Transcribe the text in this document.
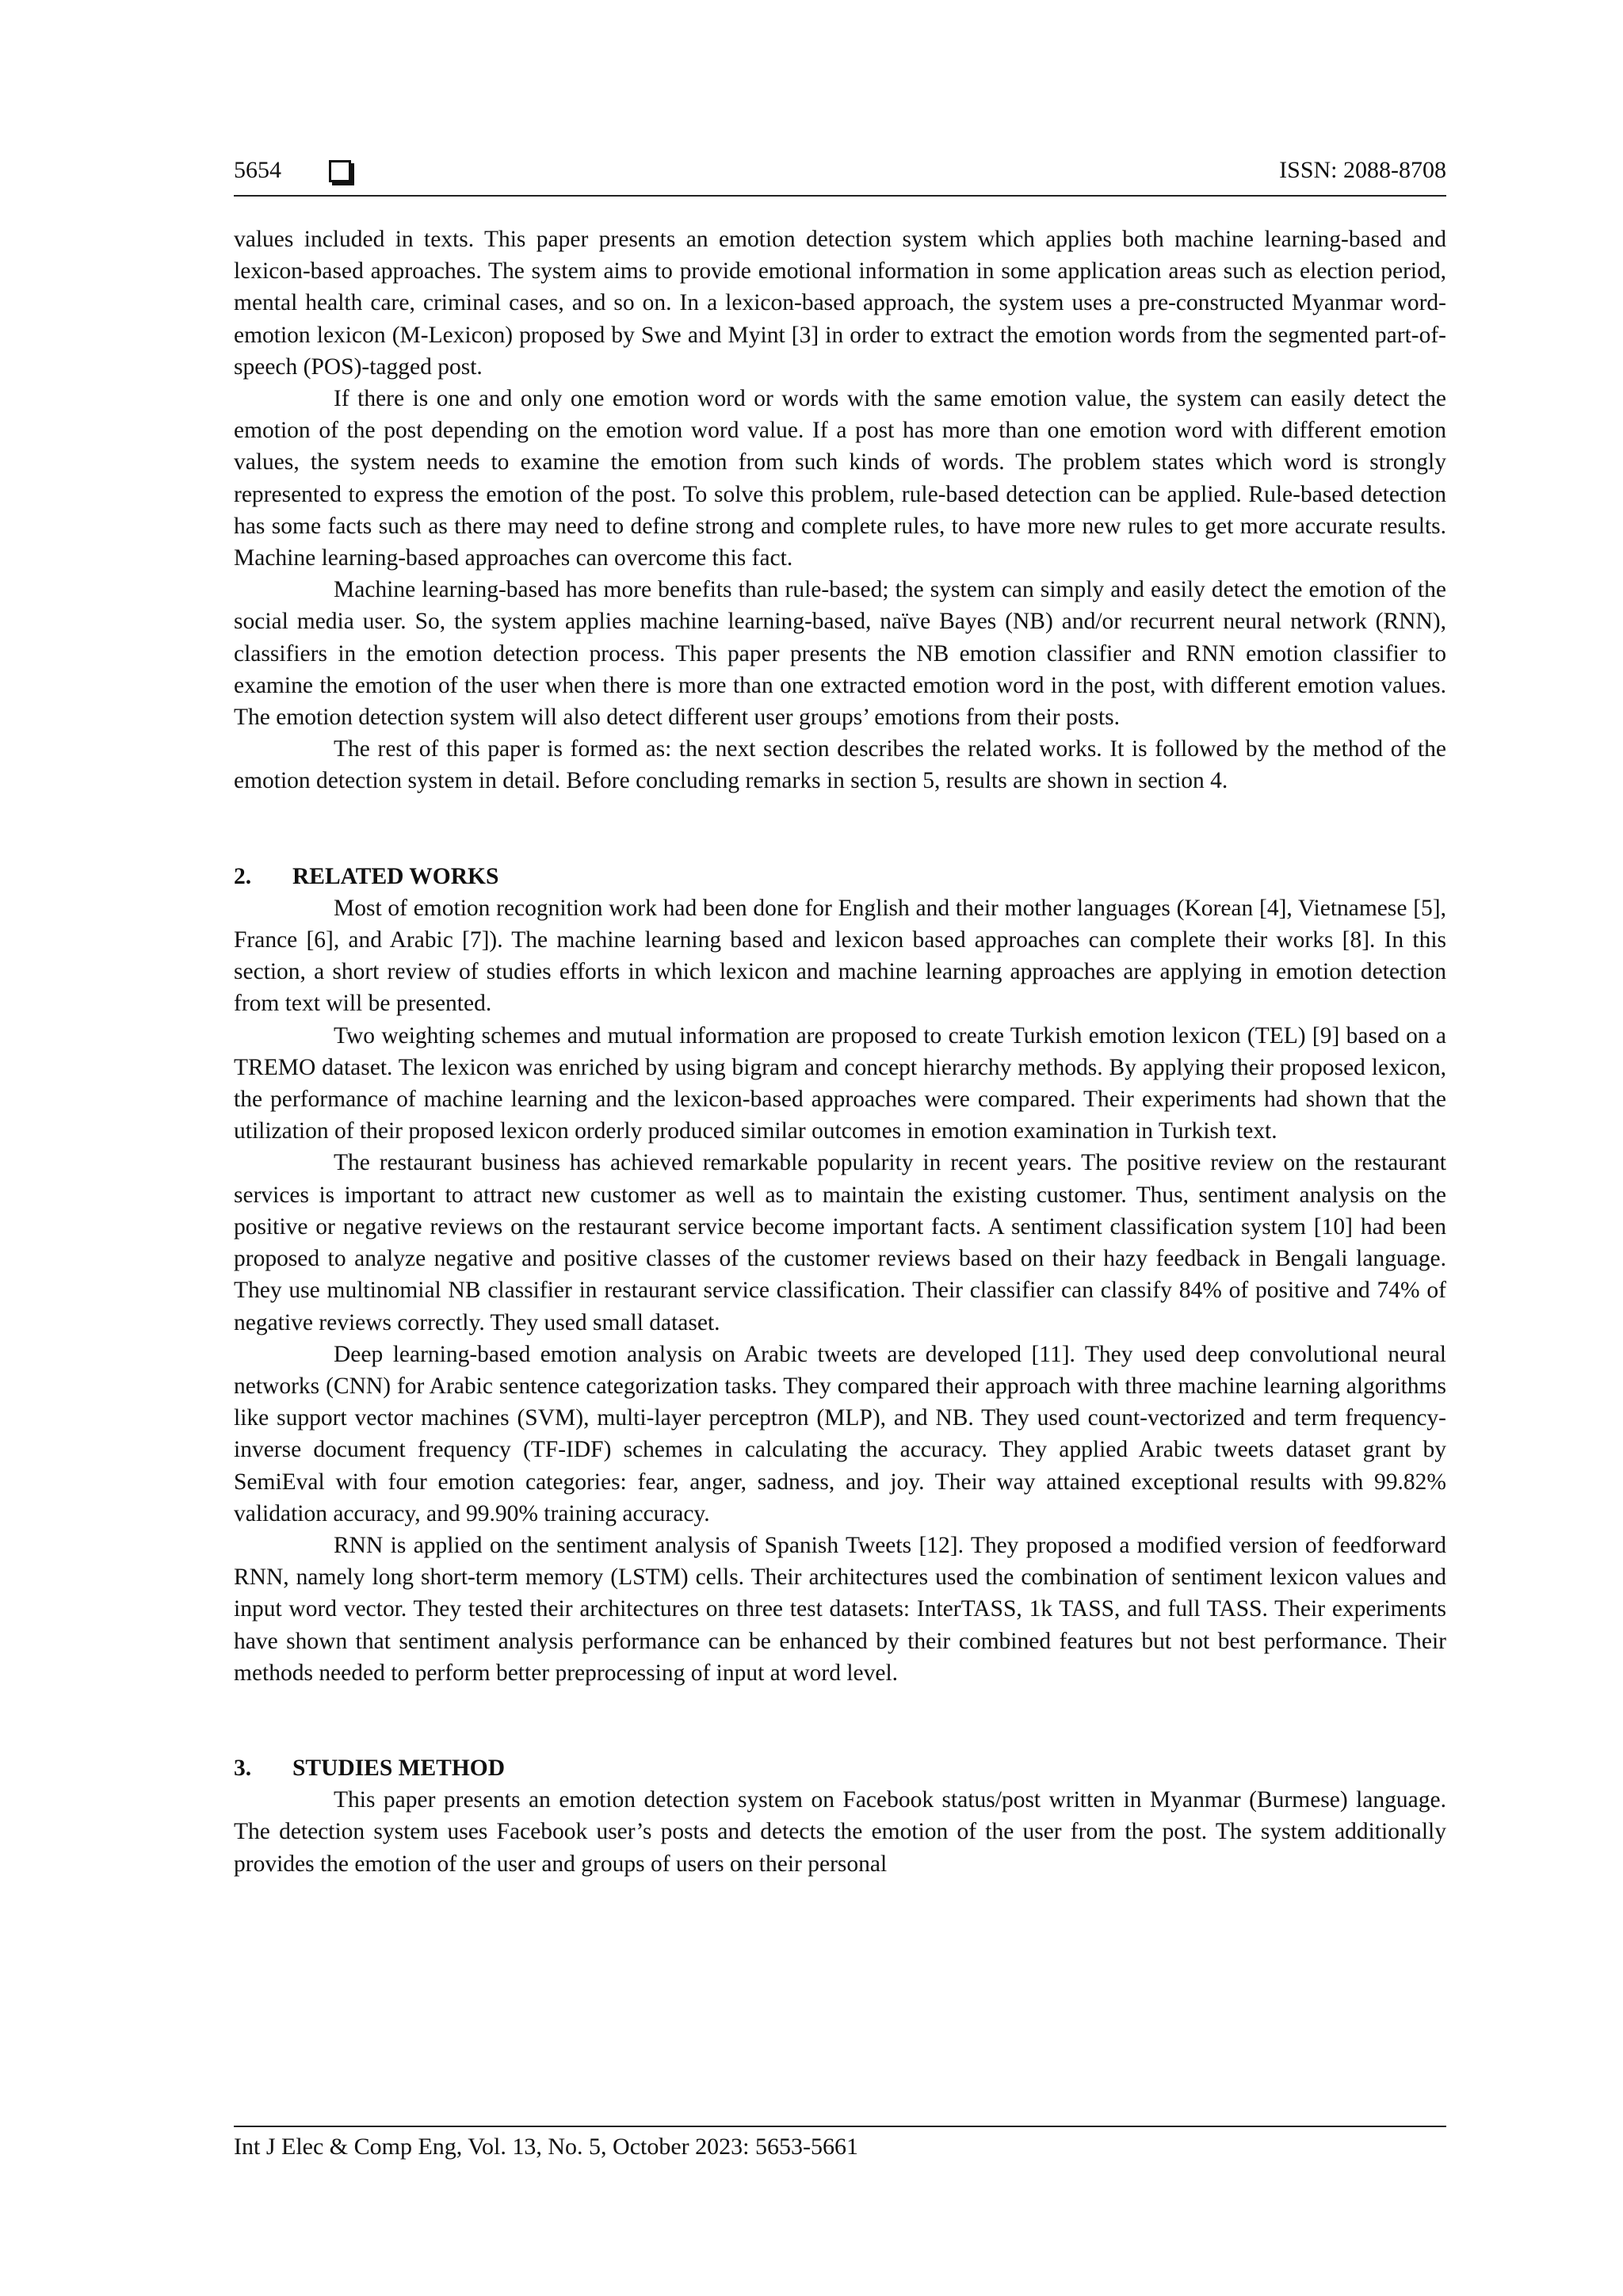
5654	ISSN: 2088-8708

values included in texts. This paper presents an emotion detection system which applies both machine learning-based and lexicon-based approaches. The system aims to provide emotional information in some application areas such as election period, mental health care, criminal cases, and so on. In a lexicon-based approach, the system uses a pre-constructed Myanmar word-emotion lexicon (M-Lexicon) proposed by Swe and Myint [3] in order to extract the emotion words from the segmented part-of-speech (POS)-tagged post.

If there is one and only one emotion word or words with the same emotion value, the system can easily detect the emotion of the post depending on the emotion word value. If a post has more than one emotion word with different emotion values, the system needs to examine the emotion from such kinds of words. The problem states which word is strongly represented to express the emotion of the post. To solve this problem, rule-based detection can be applied. Rule-based detection has some facts such as there may need to define strong and complete rules, to have more new rules to get more accurate results. Machine learning-based approaches can overcome this fact.

Machine learning-based has more benefits than rule-based; the system can simply and easily detect the emotion of the social media user. So, the system applies machine learning-based, naïve Bayes (NB) and/or recurrent neural network (RNN), classifiers in the emotion detection process. This paper presents the NB emotion classifier and RNN emotion classifier to examine the emotion of the user when there is more than one extracted emotion word in the post, with different emotion values. The emotion detection system will also detect different user groups’ emotions from their posts.

The rest of this paper is formed as: the next section describes the related works. It is followed by the method of the emotion detection system in detail. Before concluding remarks in section 5, results are shown in section 4.

2. RELATED WORKS

Most of emotion recognition work had been done for English and their mother languages (Korean [4], Vietnamese [5], France [6], and Arabic [7]). The machine learning based and lexicon based approaches can complete their works [8]. In this section, a short review of studies efforts in which lexicon and machine learning approaches are applying in emotion detection from text will be presented.

Two weighting schemes and mutual information are proposed to create Turkish emotion lexicon (TEL) [9] based on a TREMO dataset. The lexicon was enriched by using bigram and concept hierarchy methods. By applying their proposed lexicon, the performance of machine learning and the lexicon-based approaches were compared. Their experiments had shown that the utilization of their proposed lexicon orderly produced similar outcomes in emotion examination in Turkish text.

The restaurant business has achieved remarkable popularity in recent years. The positive review on the restaurant services is important to attract new customer as well as to maintain the existing customer. Thus, sentiment analysis on the positive or negative reviews on the restaurant service become important facts. A sentiment classification system [10] had been proposed to analyze negative and positive classes of the customer reviews based on their hazy feedback in Bengali language. They use multinomial NB classifier in restaurant service classification. Their classifier can classify 84% of positive and 74% of negative reviews correctly. They used small dataset.

Deep learning-based emotion analysis on Arabic tweets are developed [11]. They used deep convolutional neural networks (CNN) for Arabic sentence categorization tasks. They compared their approach with three machine learning algorithms like support vector machines (SVM), multi-layer perceptron (MLP), and NB. They used count-vectorized and term frequency-inverse document frequency (TF-IDF) schemes in calculating the accuracy. They applied Arabic tweets dataset grant by SemiEval with four emotion categories: fear, anger, sadness, and joy. Their way attained exceptional results with 99.82% validation accuracy, and 99.90% training accuracy.

RNN is applied on the sentiment analysis of Spanish Tweets [12]. They proposed a modified version of feedforward RNN, namely long short-term memory (LSTM) cells. Their architectures used the combination of sentiment lexicon values and input word vector. They tested their architectures on three test datasets: InterTASS, 1k TASS, and full TASS. Their experiments have shown that sentiment analysis performance can be enhanced by their combined features but not best performance. Their methods needed to perform better preprocessing of input at word level.

3. STUDIES METHOD

This paper presents an emotion detection system on Facebook status/post written in Myanmar (Burmese) language. The detection system uses Facebook user’s posts and detects the emotion of the user from the post. The system additionally provides the emotion of the user and groups of users on their personal

Int J Elec & Comp Eng, Vol. 13, No. 5, October 2023: 5653-5661
